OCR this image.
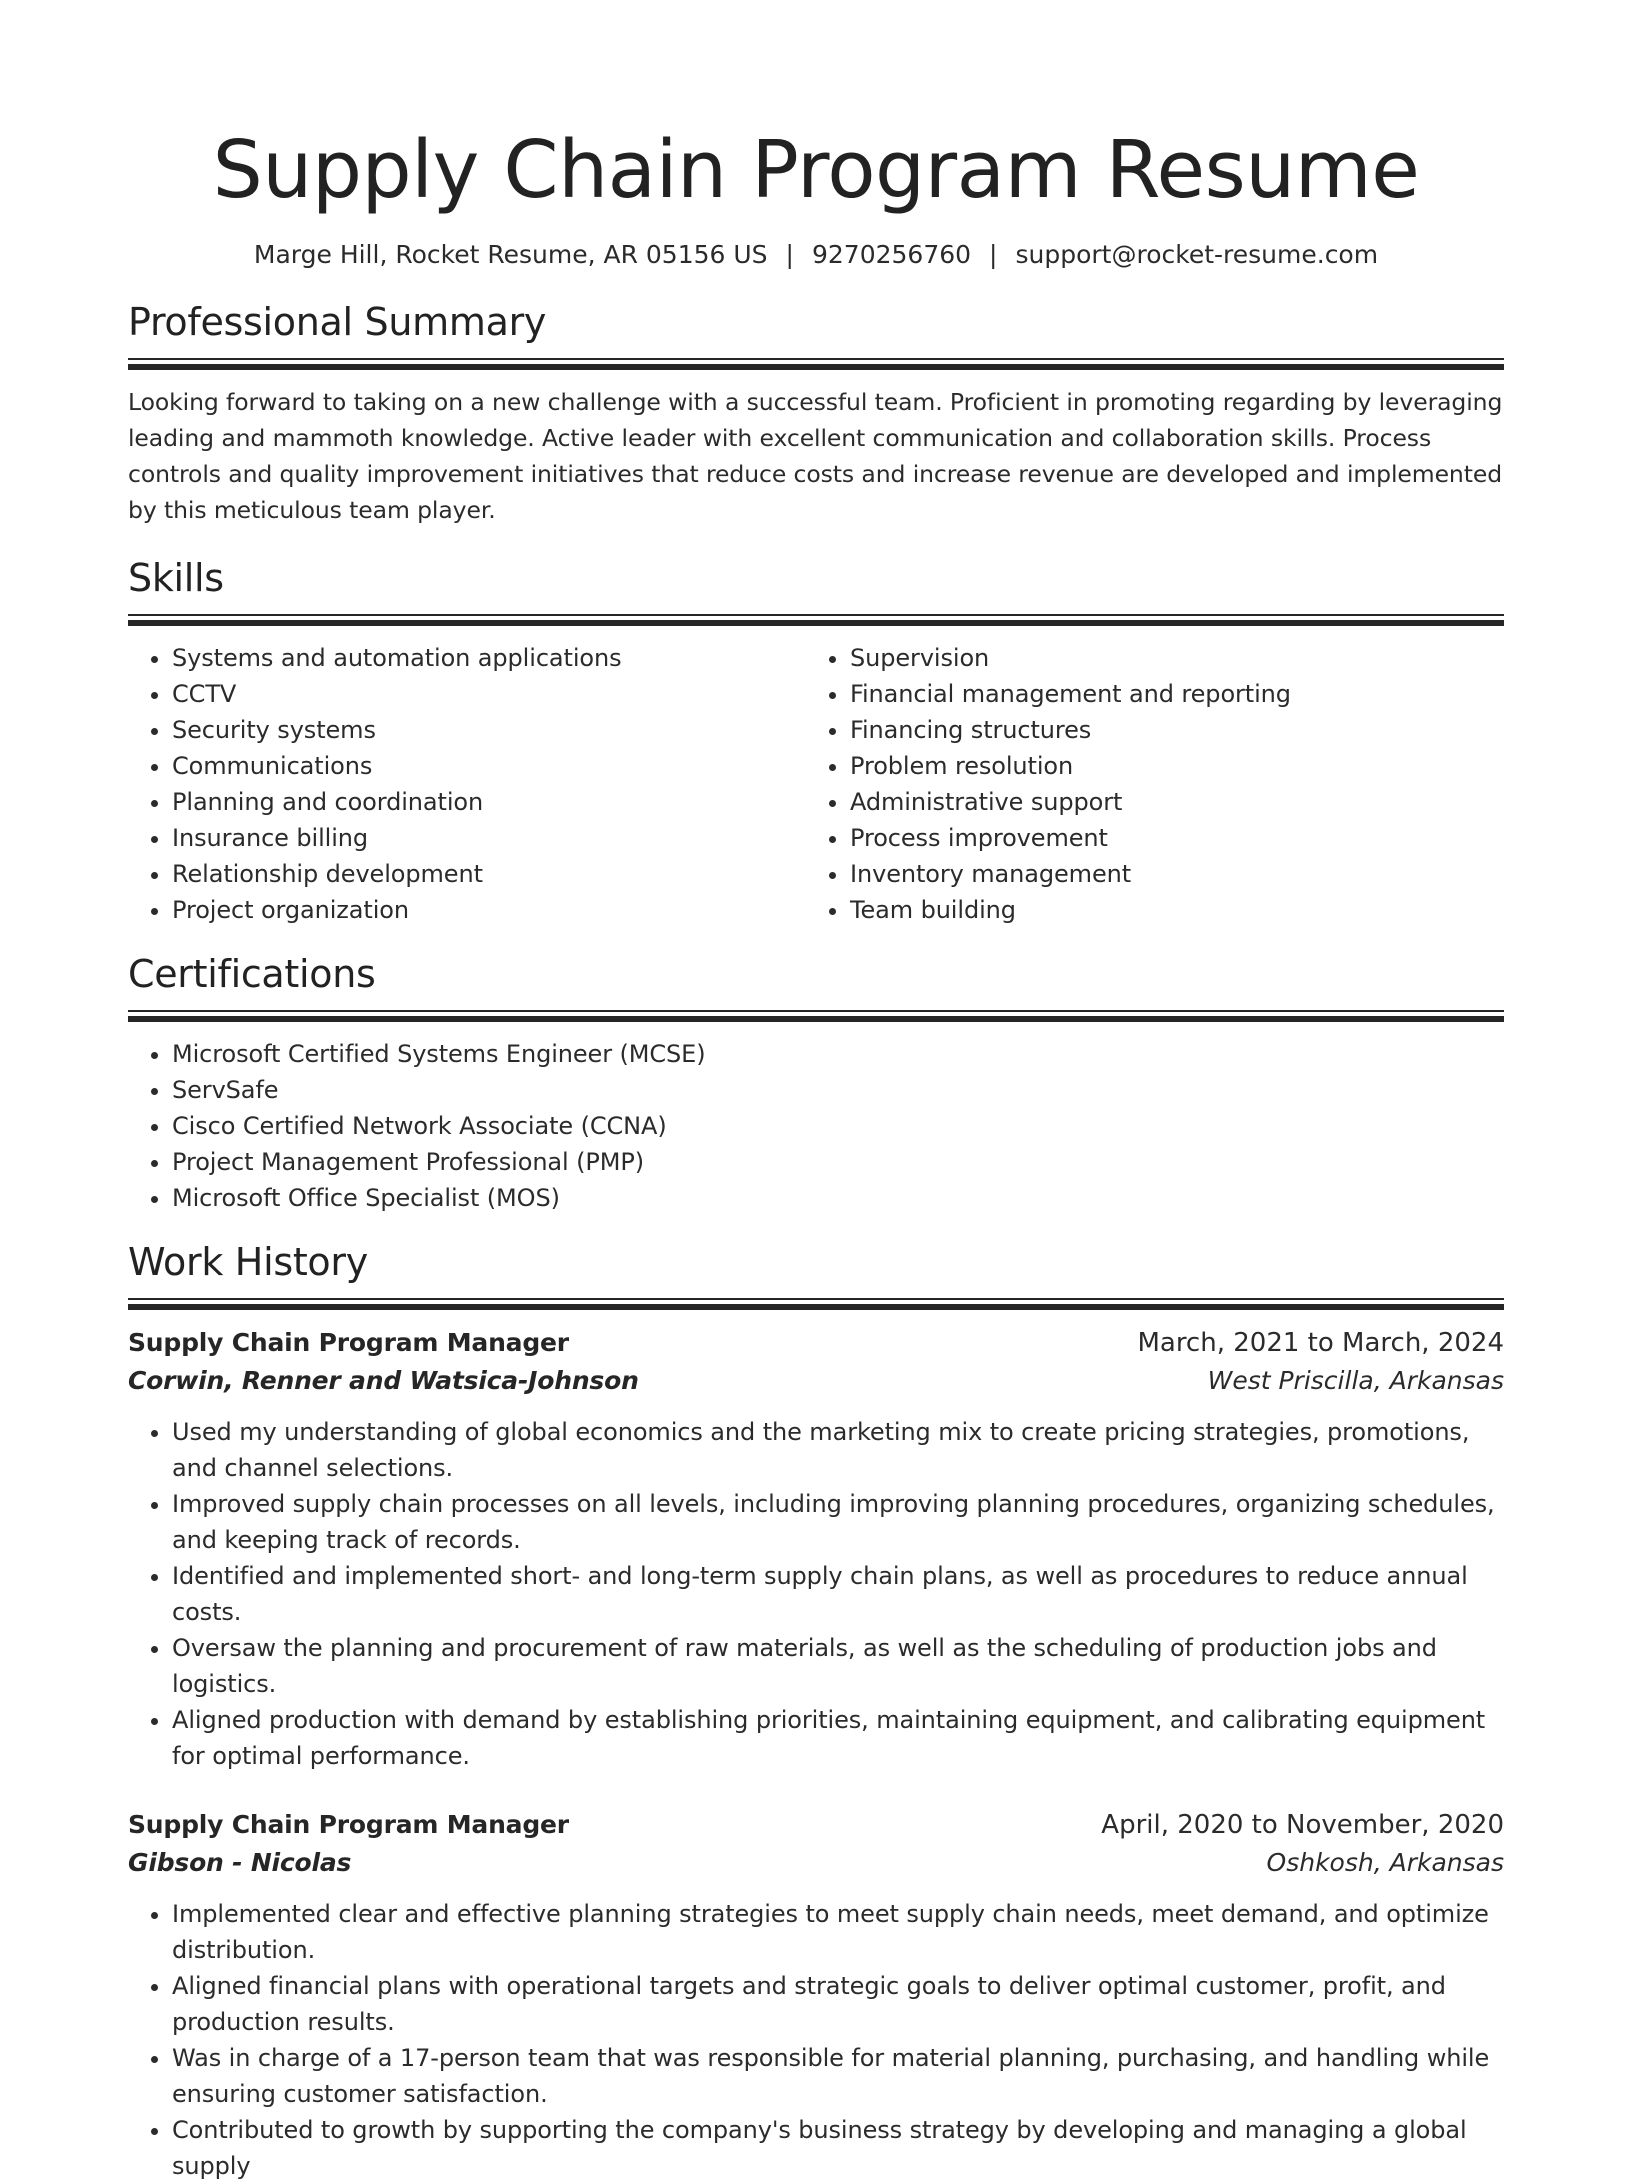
Supply Chain Program Resume
Marge Hill, Rocket Resume, AR 05156 US | 9270256760 | support@rocket-resume.com
Professional Summary

Looking forward to taking on a new challenge with a successful team. Proficient in promoting regarding by leveraging leading and mammoth knowledge. Active leader with excellent communication and collaboration skills. Process controls and quality improvement initiatives that reduce costs and increase revenue are developed and implemented by this meticulous team player.

Skills
• Systems and automation applications
• CCTV
• Security systems
• Communications
• Planning and coordination
• Insurance billing
• Relationship development
• Project organization
• Supervision
• Financial management and reporting
• Financing structures
• Problem resolution
• Administrative support
• Process improvement
• Inventory management
• Team building
Certifications
• Microsoft Certified Systems Engineer (MCSE)
• ServSafe
• Cisco Certified Network Associate (CCNA)
• Project Management Professional (PMP)
• Microsoft Office Specialist (MOS)
Work History
Supply Chain Program Manager	March, 2021 to March, 2024
Corwin, Renner and Watsica-Johnson	West Priscilla, Arkansas
• Used my understanding of global economics and the marketing mix to create pricing strategies, promotions, and channel selections.
• Improved supply chain processes on all levels, including improving planning procedures, organizing schedules, and keeping track of records.
• Identified and implemented short- and long-term supply chain plans, as well as procedures to reduce annual costs.
• Oversaw the planning and procurement of raw materials, as well as the scheduling of production jobs and logistics.
• Aligned production with demand by establishing priorities, maintaining equipment, and calibrating equipment for optimal performance.
Supply Chain Program Manager	April, 2020 to November, 2020
Gibson - Nicolas	Oshkosh, Arkansas
• Implemented clear and effective planning strategies to meet supply chain needs, meet demand, and optimize distribution.
• Aligned financial plans with operational targets and strategic goals to deliver optimal customer, profit, and production results.
• Was in charge of a 17-person team that was responsible for material planning, purchasing, and handling while ensuring customer satisfaction.
• Contributed to growth by supporting the company's business strategy by developing and managing a global supply
